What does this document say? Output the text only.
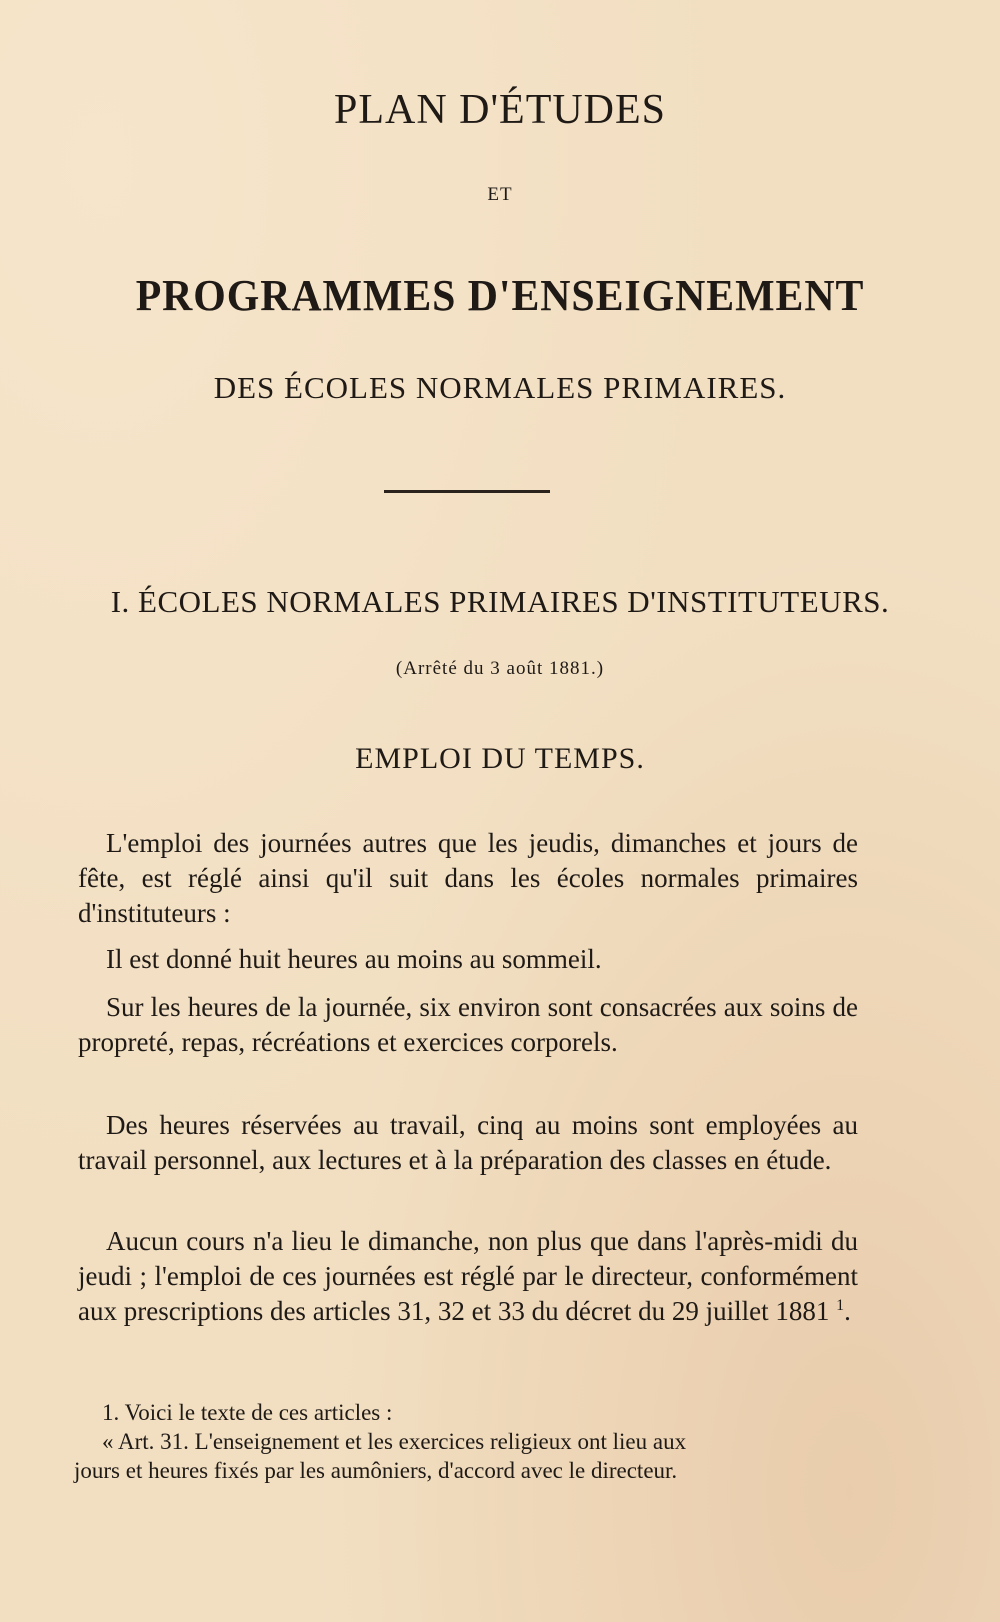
PLAN D'ÉTUDES
ET
PROGRAMMES D'ENSEIGNEMENT
DES ÉCOLES NORMALES PRIMAIRES.
I. ÉCOLES NORMALES PRIMAIRES D'INSTITUTEURS.
(Arrêté du 3 août 1881.)
EMPLOI DU TEMPS.

L'emploi des journées autres que les jeudis, dimanches et jours de fête, est réglé ainsi qu'il suit dans les écoles normales primaires d'instituteurs :

Il est donné huit heures au moins au sommeil.

Sur les heures de la journée, six environ sont consacrées aux soins de propreté, repas, récréations et exercices corporels.

Des heures réservées au travail, cinq au moins sont employées au travail personnel, aux lectures et à la préparation des classes en étude.

Aucun cours n'a lieu le dimanche, non plus que dans l'après-midi du jeudi ; l'emploi de ces journées est réglé par le directeur, conformément aux prescriptions des articles 31, 32 et 33 du décret du 29 juillet 1881 $^1$.

1. Voici le texte de ces articles :
« Art. 31. L'enseignement et les exercices religieux ont lieu aux
jours et heures fixés par les aumôniers, d'accord avec le directeur.
